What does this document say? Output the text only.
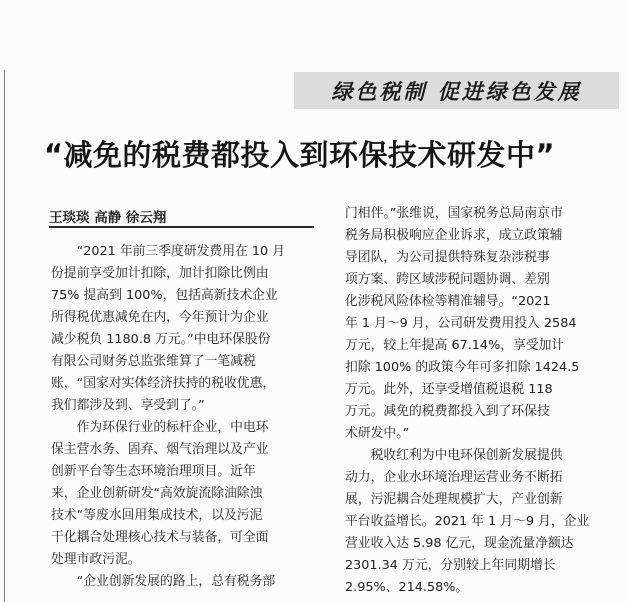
绿色税制 促进绿色发展
“减免的税费都投入到环保技术研发中”
王琰琰 高静 徐云翔
　　“2021 年前三季度研发费用在 10 月
份提前享受加计扣除，加计扣除比例由
75% 提高到 100%，包括高新技术企业
所得税优惠减免在内，今年预计为企业
减少税负 1180.8 万元。”中电环保股份
有限公司财务总监张维算了一笔减税
账，“国家对实体经济扶持的税收优惠，
我们都涉及到、享受到了。”
　　作为环保行业的标杆企业，中电环
保主营水务、固弃、烟气治理以及产业
创新平台等生态环境治理项目。近年
来，企业创新研发“高效旋流除油除浊
技术”等废水回用集成技术，以及污泥
干化耦合处理核心技术与装备，可全面
处理市政污泥。
　　“企业创新发展的路上，总有税务部
门相伴。”张维说，国家税务总局南京市
税务局积极响应企业诉求，成立政策辅
导团队，为公司提供特殊复杂涉税事
项方案、跨区域涉税问题协调、差别
化涉税风险体检等精准辅导。“2021
年 1 月～9 月，公司研发费用投入 2584
万元，较上年提高 67.14%，享受加计
扣除 100% 的政策今年可多扣除 1424.5
万元。此外，还享受增值税退税 118
万元。减免的税费都投入到了环保技
术研发中。”
　　税收红利为中电环保创新发展提供
动力，企业水环境治理运营业务不断拓
展，污泥耦合处理规模扩大，产业创新
平台收益增长。2021 年 1 月～9 月，企业
营业收入达 5.98 亿元，现金流量净额达
2301.34 万元，分别较上年同期增长
2.95%、214.58%。
